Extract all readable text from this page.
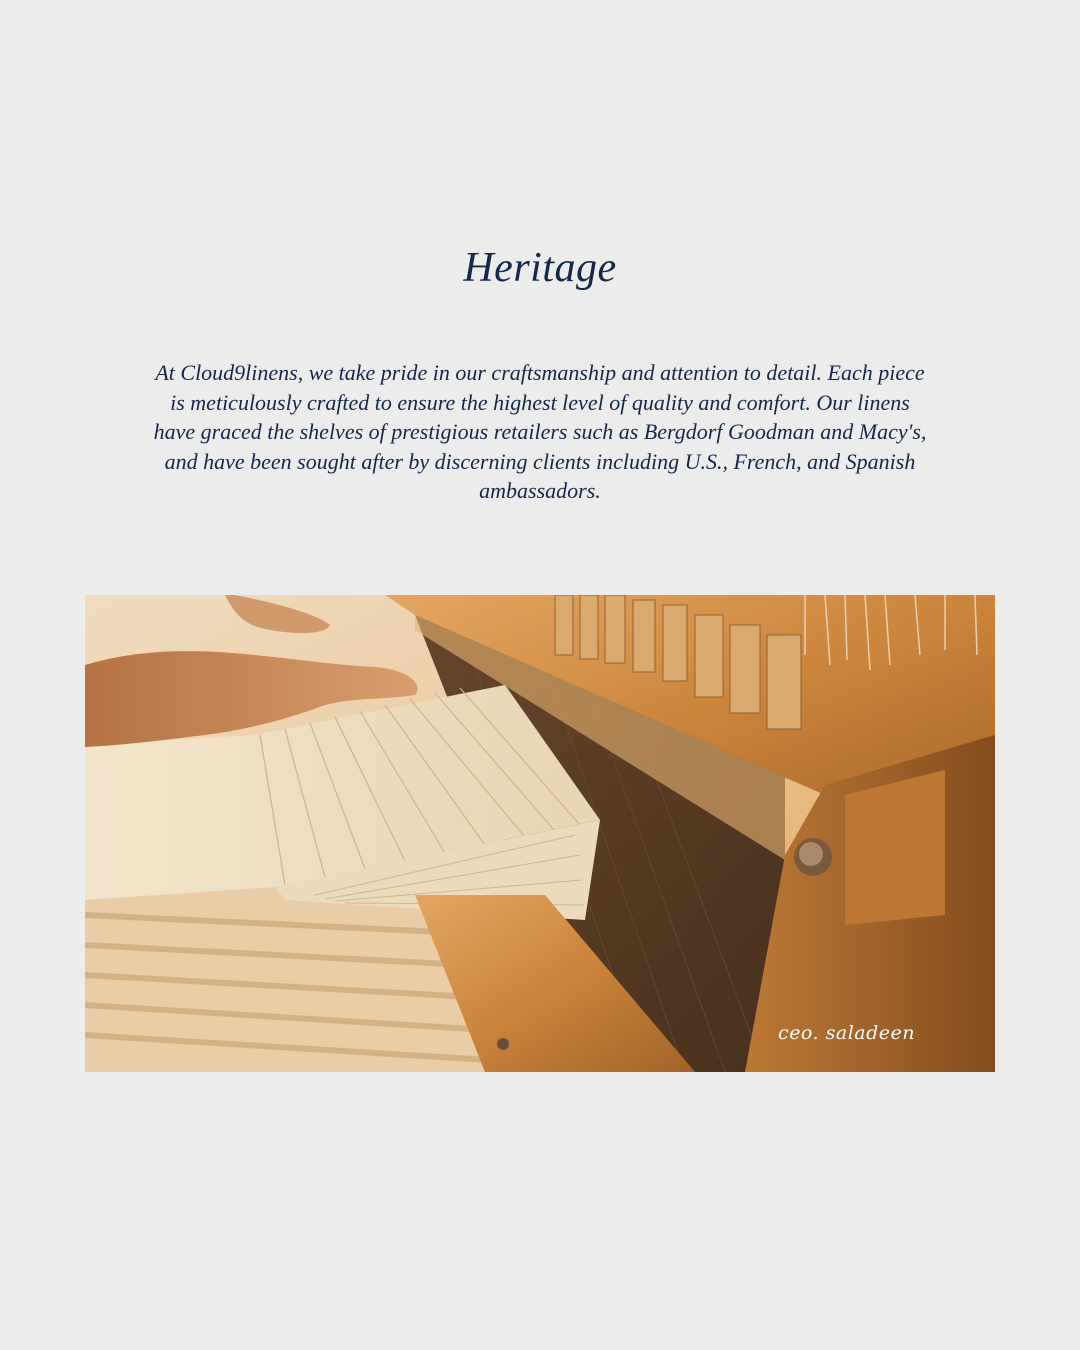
Heritage

At Cloud9linens, we take pride in our craftsmanship and attention to detail. Each piece is meticulously crafted to ensure the highest level of quality and comfort. Our linens have graced the shelves of prestigious retailers such as Bergdorf Goodman and Macy's, and have been sought after by discerning clients including U.S., French, and Spanish ambassadors.

ceo. saladeen
